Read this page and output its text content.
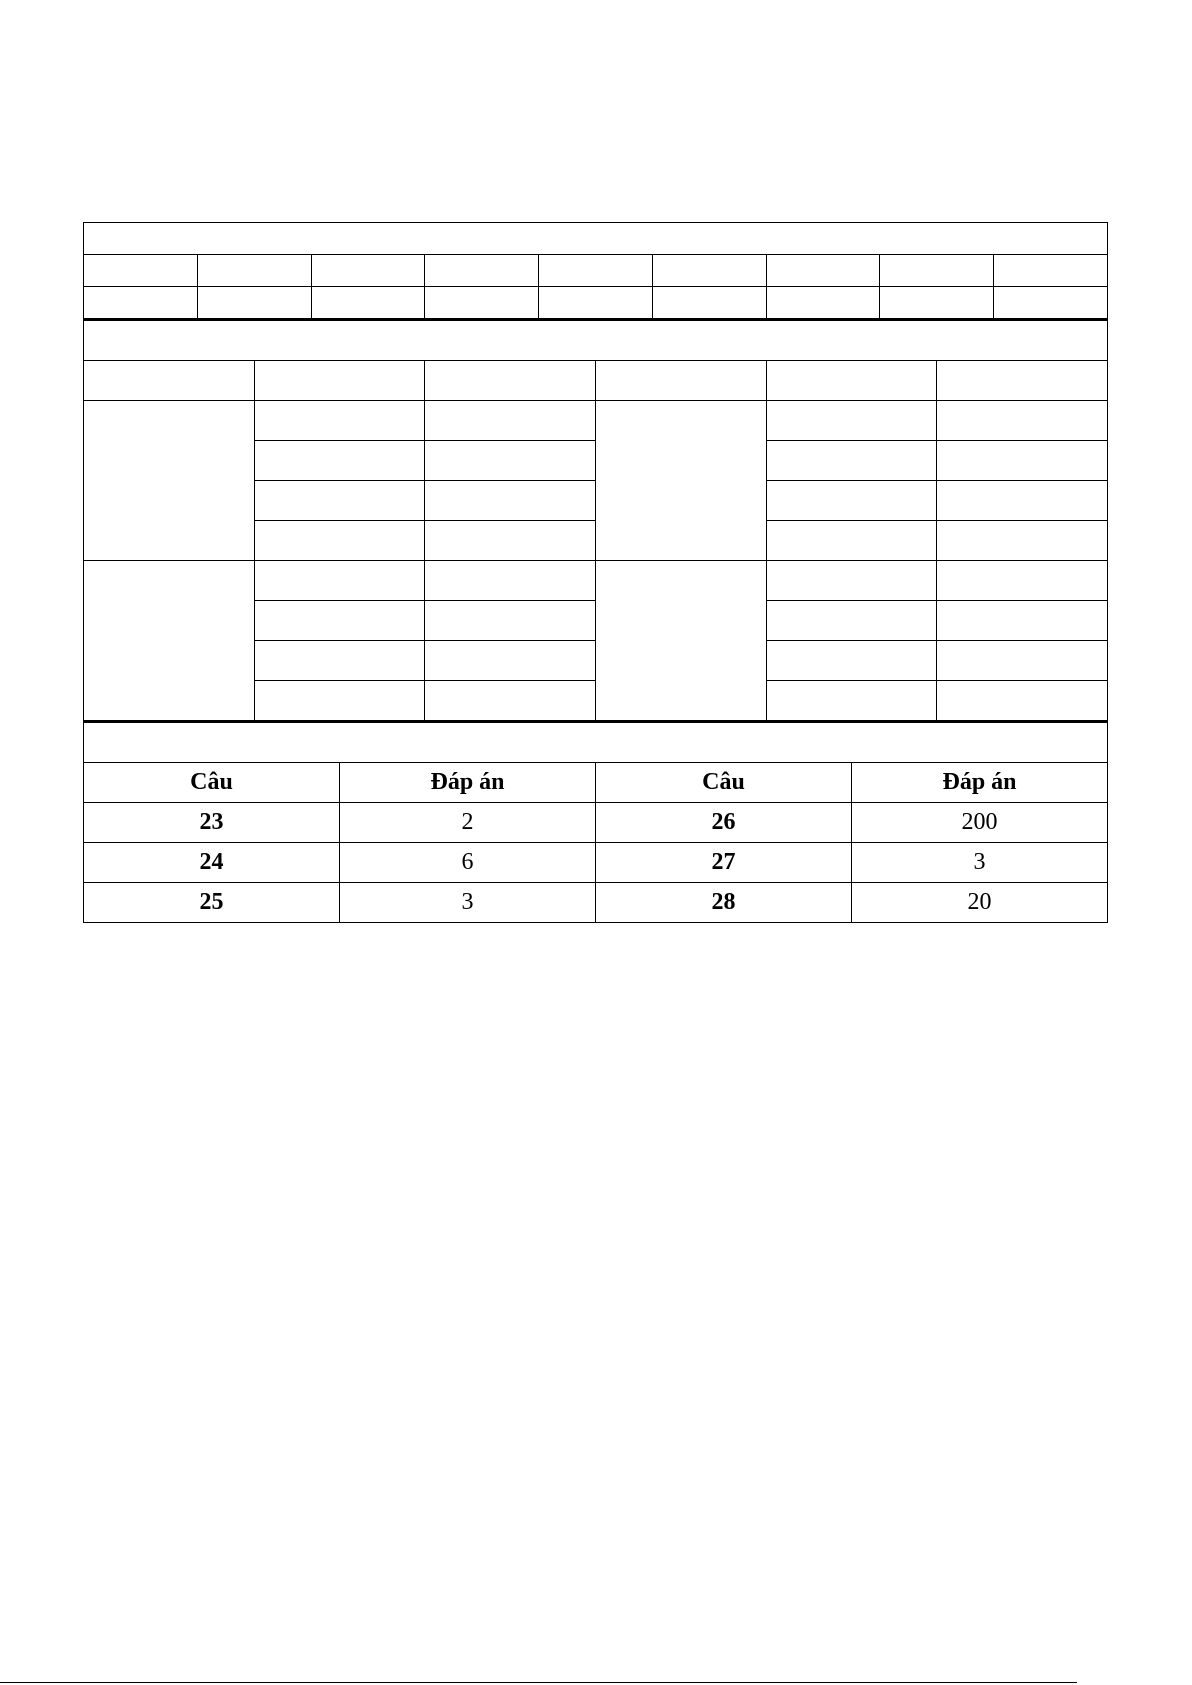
Câu	Đáp án	Câu	Đáp án
23	2	26	200
24	6	27	3
25	3	28	20
